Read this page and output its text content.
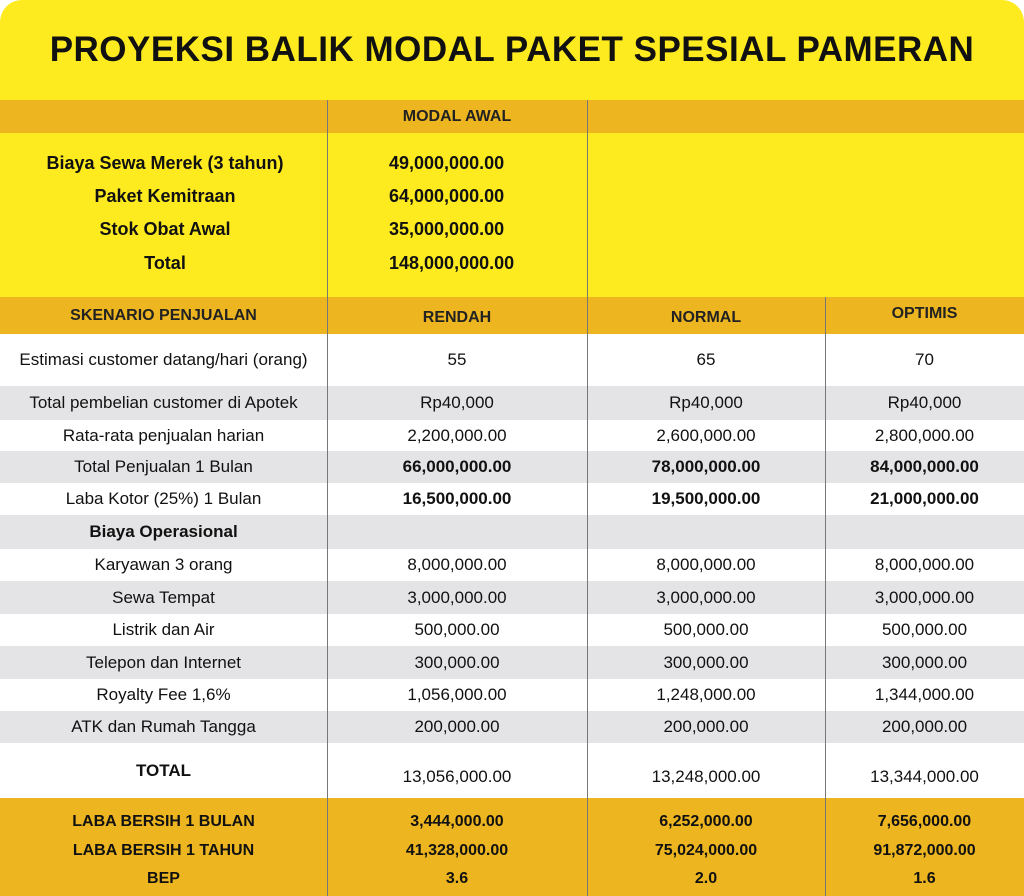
PROYEKSI BALIK MODAL PAKET SPESIAL PAMERAN
MODAL AWAL
Biaya Sewa Merek (3 tahun)	49,000,000.00
Paket Kemitraan	64,000,000.00
Stok Obat Awal	35,000,000.00
Total	148,000,000.00
SKENARIO PENJUALAN	RENDAH	NORMAL	OPTIMIS
Estimasi customer datang/hari (orang)	55	65	70
Total pembelian customer di Apotek	Rp40,000	Rp40,000	Rp40,000
Rata-rata penjualan harian	2,200,000.00	2,600,000.00	2,800,000.00
Total Penjualan 1 Bulan	66,000,000.00	78,000,000.00	84,000,000.00
Laba Kotor (25%) 1 Bulan	16,500,000.00	19,500,000.00	21,000,000.00
Biaya Operasional
Karyawan 3 orang	8,000,000.00	8,000,000.00	8,000,000.00
Sewa Tempat	3,000,000.00	3,000,000.00	3,000,000.00
Listrik dan Air	500,000.00	500,000.00	500,000.00
Telepon dan Internet	300,000.00	300,000.00	300,000.00
Royalty Fee 1,6%	1,056,000.00	1,248,000.00	1,344,000.00
ATK dan Rumah Tangga	200,000.00	200,000.00	200,000.00
TOTAL	13,056,000.00	13,248,000.00	13,344,000.00
LABA BERSIH 1 BULAN	3,444,000.00	6,252,000.00	7,656,000.00
LABA BERSIH 1 TAHUN	41,328,000.00	75,024,000.00	91,872,000.00
BEP	3.6	2.0	1.6
